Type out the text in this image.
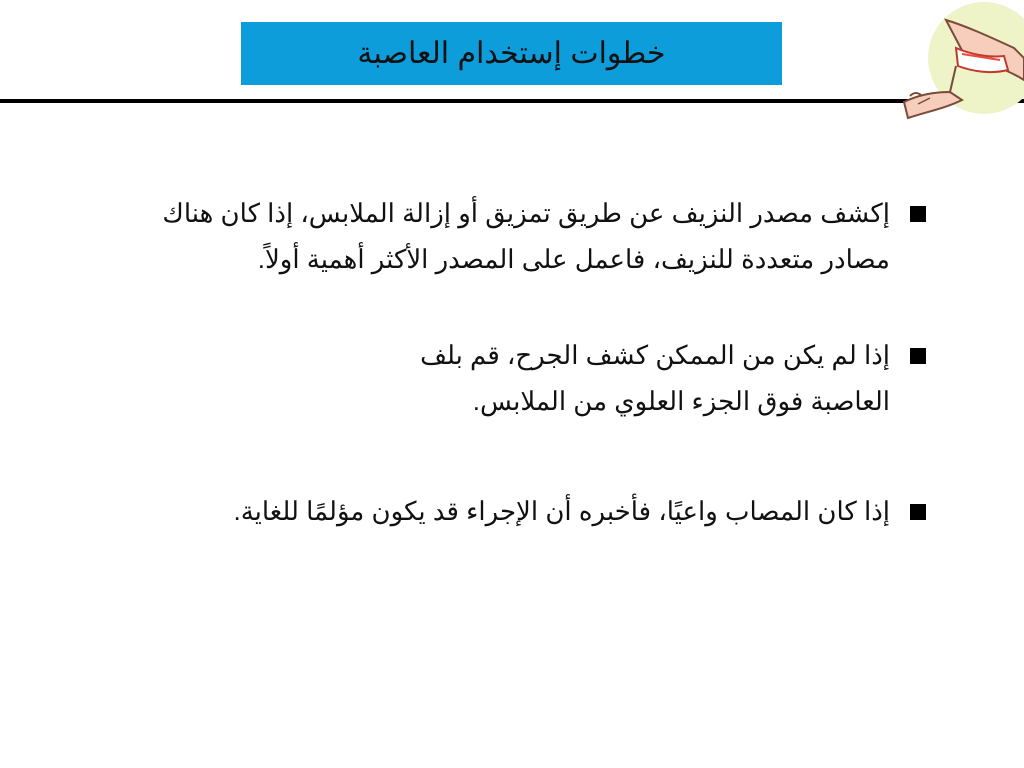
خطوات إستخدام العاصبة
إكشف مصدر النزيف عن طريق تمزيق أو إزالة الملابس، إذا كان هناك مصادر متعددة للنزيف، فاعمل على المصدر الأكثر أهمية أولاً.
إذا لم يكن من الممكن كشف الجرح، قم بلف العاصبة فوق الجزء العلوي من الملابس.
إذا كان المصاب واعيًا، فأخبره أن الإجراء قد يكون مؤلمًا للغاية.
